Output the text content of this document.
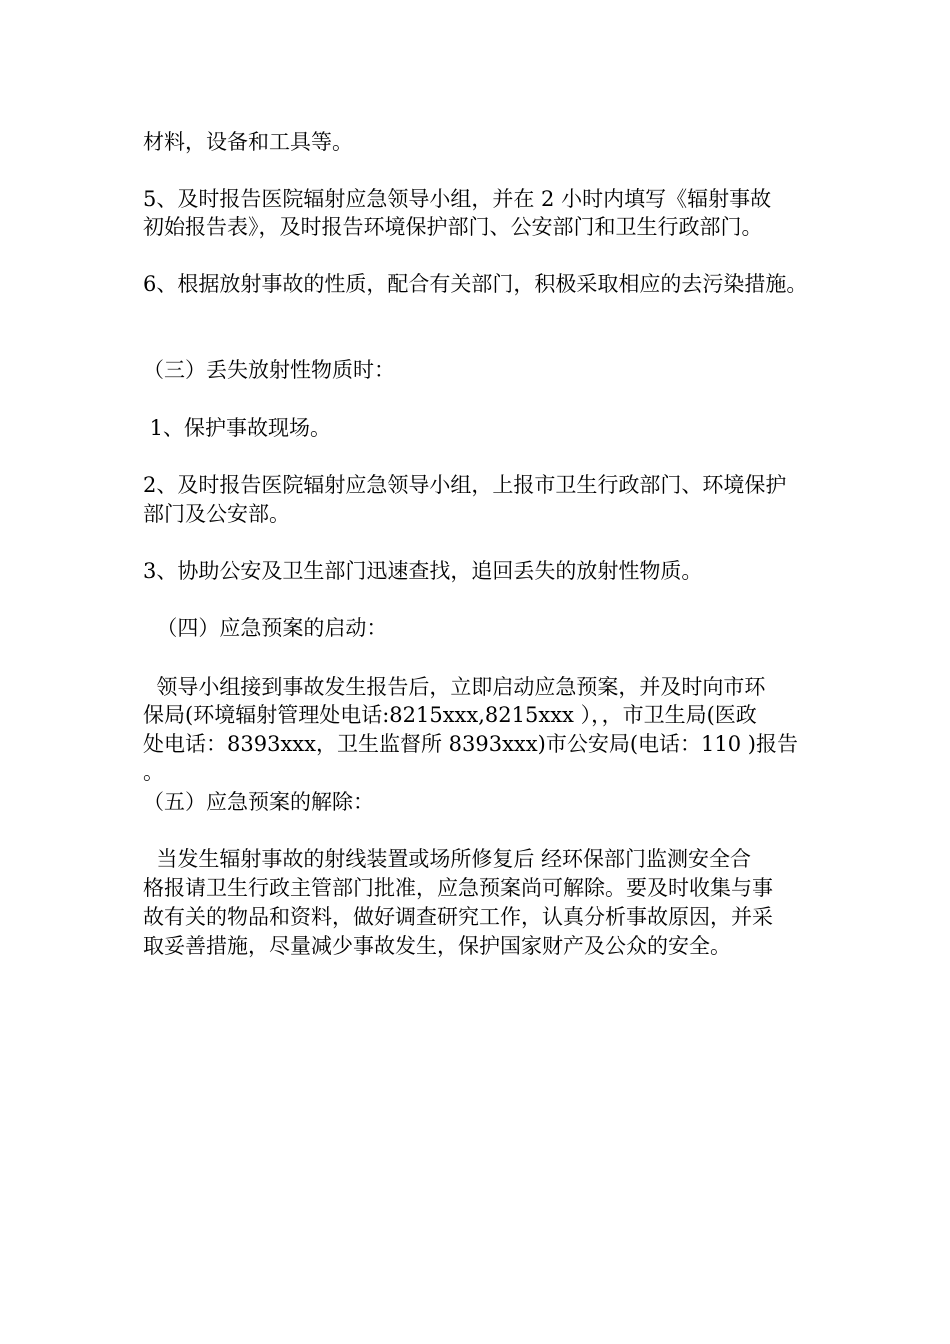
材料，设备和工具等。

5、及时报告医院辐射应急领导小组，并在 2 小时内填写《辐射事故

初始报告表》，及时报告环境保护部门、公安部门和卫生行政部门。

6、根据放射事故的性质，配合有关部门，积极采取相应的去污染措施。

（三）丢失放射性物质时：

1、保护事故现场。

2、及时报告医院辐射应急领导小组，上报市卫生行政部门、环境保护

部门及公安部。

3、协助公安及卫生部门迅速查找，追回丢失的放射性物质。

（四）应急预案的启动：

领导小组接到事故发生报告后，立即启动应急预案，并及时向市环

保局(环境辐射管理处电话:8215xxx,8215xxx ），，市卫生局(医政

处电话：8393xxx，卫生监督所 8393xxx)市公安局(电话：110 )报告

。

（五）应急预案的解除：

当发生辐射事故的射线装置或场所修复后 经环保部门监测安全合

格报请卫生行政主管部门批准，应急预案尚可解除。要及时收集与事

故有关的物品和资料，做好调查研究工作，认真分析事故原因，并采

取妥善措施，尽量减少事故发生，保护国家财产及公众的安全。
